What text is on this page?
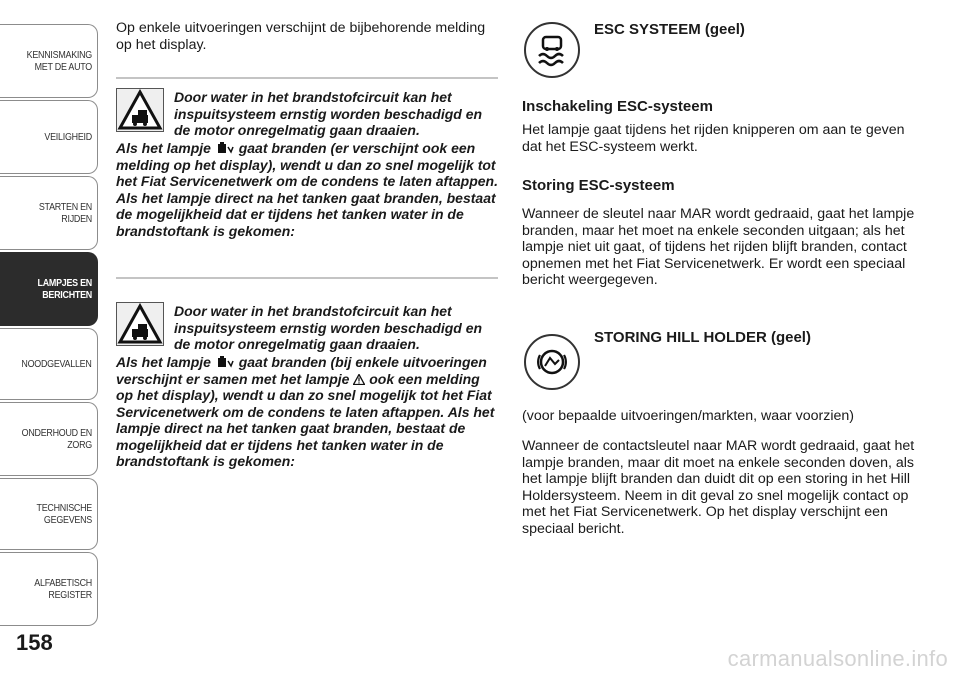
KENNISMAKING MET DE AUTO
VEILIGHEID
STARTEN EN RIJDEN
LAMPJES EN BERICHTEN
NOODGEVALLEN
ONDERHOUD EN ZORG
TECHNISCHE GEGEVENS
ALFABETISCH REGISTER
158

Op enkele uitvoeringen verschijnt de bijbehorende melding op het display.

Door water in het brandstofcircuit kan het inspuitsysteem ernstig worden beschadigd en de motor onregelmatig gaan draaien.
Als het lampje gaat branden (er verschijnt ook een melding op het display), wendt u dan zo snel mogelijk tot het Fiat Servicenetwerk om de condens te laten aftappen. Als het lampje direct na het tanken gaat branden, bestaat de mogelijkheid dat er tijdens het tanken water in de brandstoftank is gekomen:
Door water in het brandstofcircuit kan het inspuitsysteem ernstig worden beschadigd en de motor onregelmatig gaan draaien.
Als het lampje gaat branden (bij enkele uitvoeringen verschijnt er samen met het lampje ook een melding op het display), wendt u dan zo snel mogelijk tot het Fiat Servicenetwerk om de condens te laten aftappen. Als het lampje direct na het tanken gaat branden, bestaat de mogelijkheid dat er tijdens het tanken water in de brandstoftank is gekomen:
ESC SYSTEEM (geel)
Inschakeling ESC-systeem
Het lampje gaat tijdens het rijden knipperen om aan te geven dat het ESC-systeem werkt.
Storing ESC-systeem
Wanneer de sleutel naar MAR wordt gedraaid, gaat het lampje branden, maar het moet na enkele seconden uitgaan; als het lampje niet uit gaat, of tijdens het rijden blijft branden, contact opnemen met het Fiat Servicenetwerk. Er wordt een speciaal bericht weergegeven.
STORING HILL HOLDER (geel)
(voor bepaalde uitvoeringen/markten, waar voorzien)
Wanneer de contactsleutel naar MAR wordt gedraaid, gaat het lampje branden, maar dit moet na enkele seconden doven, als het lampje blijft branden dan duidt dit op een storing in het Hill Holdersysteem. Neem in dit geval zo snel mogelijk contact op met het Fiat Servicenetwerk. Op het display verschijnt een speciaal bericht.
carmanualsonline.info
